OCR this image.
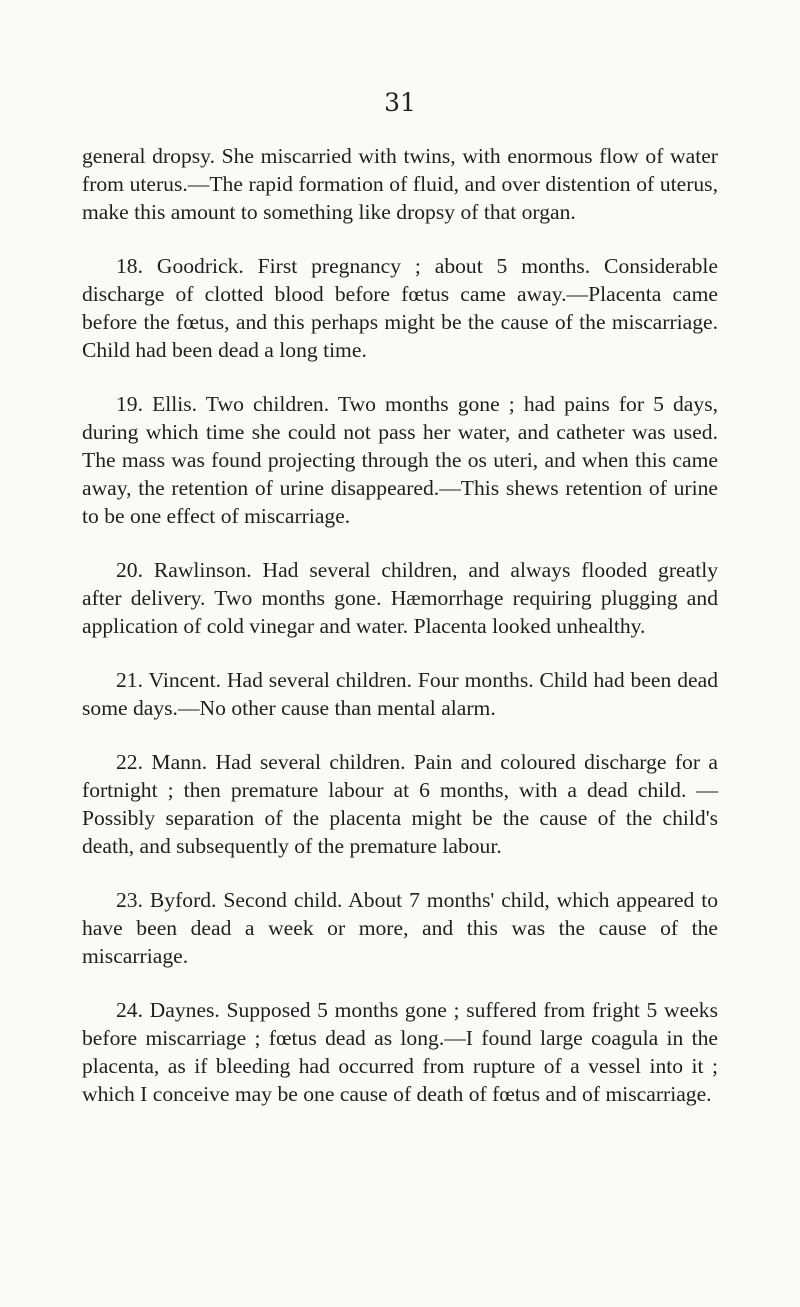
31

general dropsy. She miscarried with twins, with enormous flow of water from uterus.—The rapid formation of fluid, and over distention of uterus, make this amount to something like dropsy of that organ.

18. Goodrick. First pregnancy ; about 5 months. Considerable discharge of clotted blood before fœtus came away.—Placenta came before the fœtus, and this perhaps might be the cause of the miscarriage. Child had been dead a long time.

19. Ellis. Two children. Two months gone ; had pains for 5 days, during which time she could not pass her water, and catheter was used. The mass was found projecting through the os uteri, and when this came away, the retention of urine disappeared.—This shews retention of urine to be one effect of miscarriage.

20. Rawlinson. Had several children, and always flooded greatly after delivery. Two months gone. Hæmorrhage requiring plugging and application of cold vinegar and water. Placenta looked unhealthy.

21. Vincent. Had several children. Four months. Child had been dead some days.—No other cause than mental alarm.

22. Mann. Had several children. Pain and coloured discharge for a fortnight ; then premature labour at 6 months, with a dead child. —Possibly separation of the placenta might be the cause of the child's death, and subsequently of the premature labour.

23. Byford. Second child. About 7 months' child, which appeared to have been dead a week or more, and this was the cause of the miscarriage.

24. Daynes. Supposed 5 months gone ; suffered from fright 5 weeks before miscarriage ; fœtus dead as long.—I found large coagula in the placenta, as if bleeding had occurred from rupture of a vessel into it ; which I conceive may be one cause of death of fœtus and of miscarriage.
